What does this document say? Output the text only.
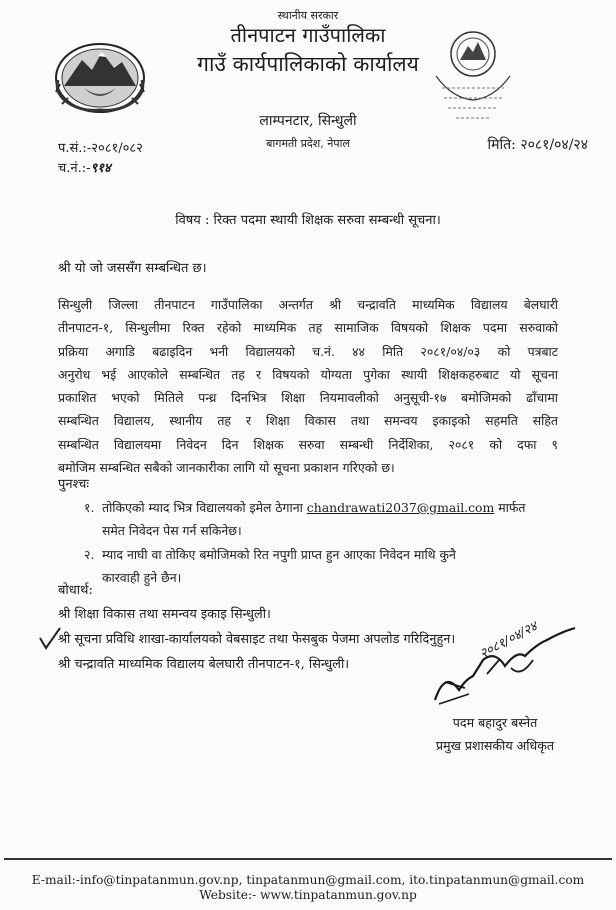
स्थानीय सरकार
तीनपाटन गाउँपालिका
गाउँ कार्यपालिकाको कार्यालय
लाम्पनटार, सिन्धुली
बागमती प्रदेश, नेपाल
प.सं.:-२०८१/०८२
च.नं.:-९१४
मिति: २०८१/०४/२४
विषय : रिक्त पदमा स्थायी शिक्षक सरुवा सम्बन्धी सूचना।
श्री यो जो जससँग सम्बन्धित छ।
सिन्धुली जिल्ला तीनपाटन गाउँपालिका अन्तर्गत श्री चन्द्रावति माध्यमिक विद्यालय बेलघारी
तीनपाटन-१, सिन्धुलीमा रिक्त रहेको माध्यमिक तह सामाजिक विषयको शिक्षक पदमा सरुवाको
प्रक्रिया अगाडि बढाइदिन भनी विद्यालयको च.नं. ४४ मिति २०८१/०४/०३ को पत्रबाट
अनुरोध भई आएकोले सम्बन्धित तह र विषयको योग्यता पुगेका स्थायी शिक्षकहरुबाट यो सूचना
प्रकाशित भएको मितिले पन्ध्र दिनभित्र शिक्षा नियमावलीको अनुसूची-१७ बमोजिमको ढाँचामा
सम्बन्धित विद्यालय, स्थानीय तह र शिक्षा विकास तथा समन्वय इकाइको सहमति सहित
सम्बन्धित विद्यालयमा निवेदन दिन शिक्षक सरुवा सम्बन्धी निर्देशिका, २०८१ को दफा ९
बमोजिम सम्बन्धित सबैको जानकारीका लागि यो सूचना प्रकाशन गरिएको छ।
पुनश्चः
१. तोकिएको म्याद भित्र विद्यालयको इमेल ठेगाना chandrawati2037@gmail.com मार्फत
समेत निवेदन पेस गर्न सकिनेछ।
२. म्याद नाघी वा तोकिए बमोजिमको रित नपुगी प्राप्त हुन आएका निवेदन माथि कुनै
कारवाही हुने छैन।
बोधार्थ:
श्री शिक्षा विकास तथा समन्वय इकाइ सिन्धुली।
श्री सूचना प्रविधि शाखा-कार्यालयको वेबसाइट तथा फेसबुक पेजमा अपलोड गरिदिनुहुन।
श्री चन्द्रावति माध्यमिक विद्यालय बेलघारी तीनपाटन-१, सिन्धुली।
२०८१/०४/२४
पदम बहादुर बस्नेत
प्रमुख प्रशासकीय अधिकृत
E-mail:-info@tinpatanmun.gov.np, tinpatanmun@gmail.com, ito.tinpatanmun@gmail.com
Website:- www.tinpatanmun.gov.np
